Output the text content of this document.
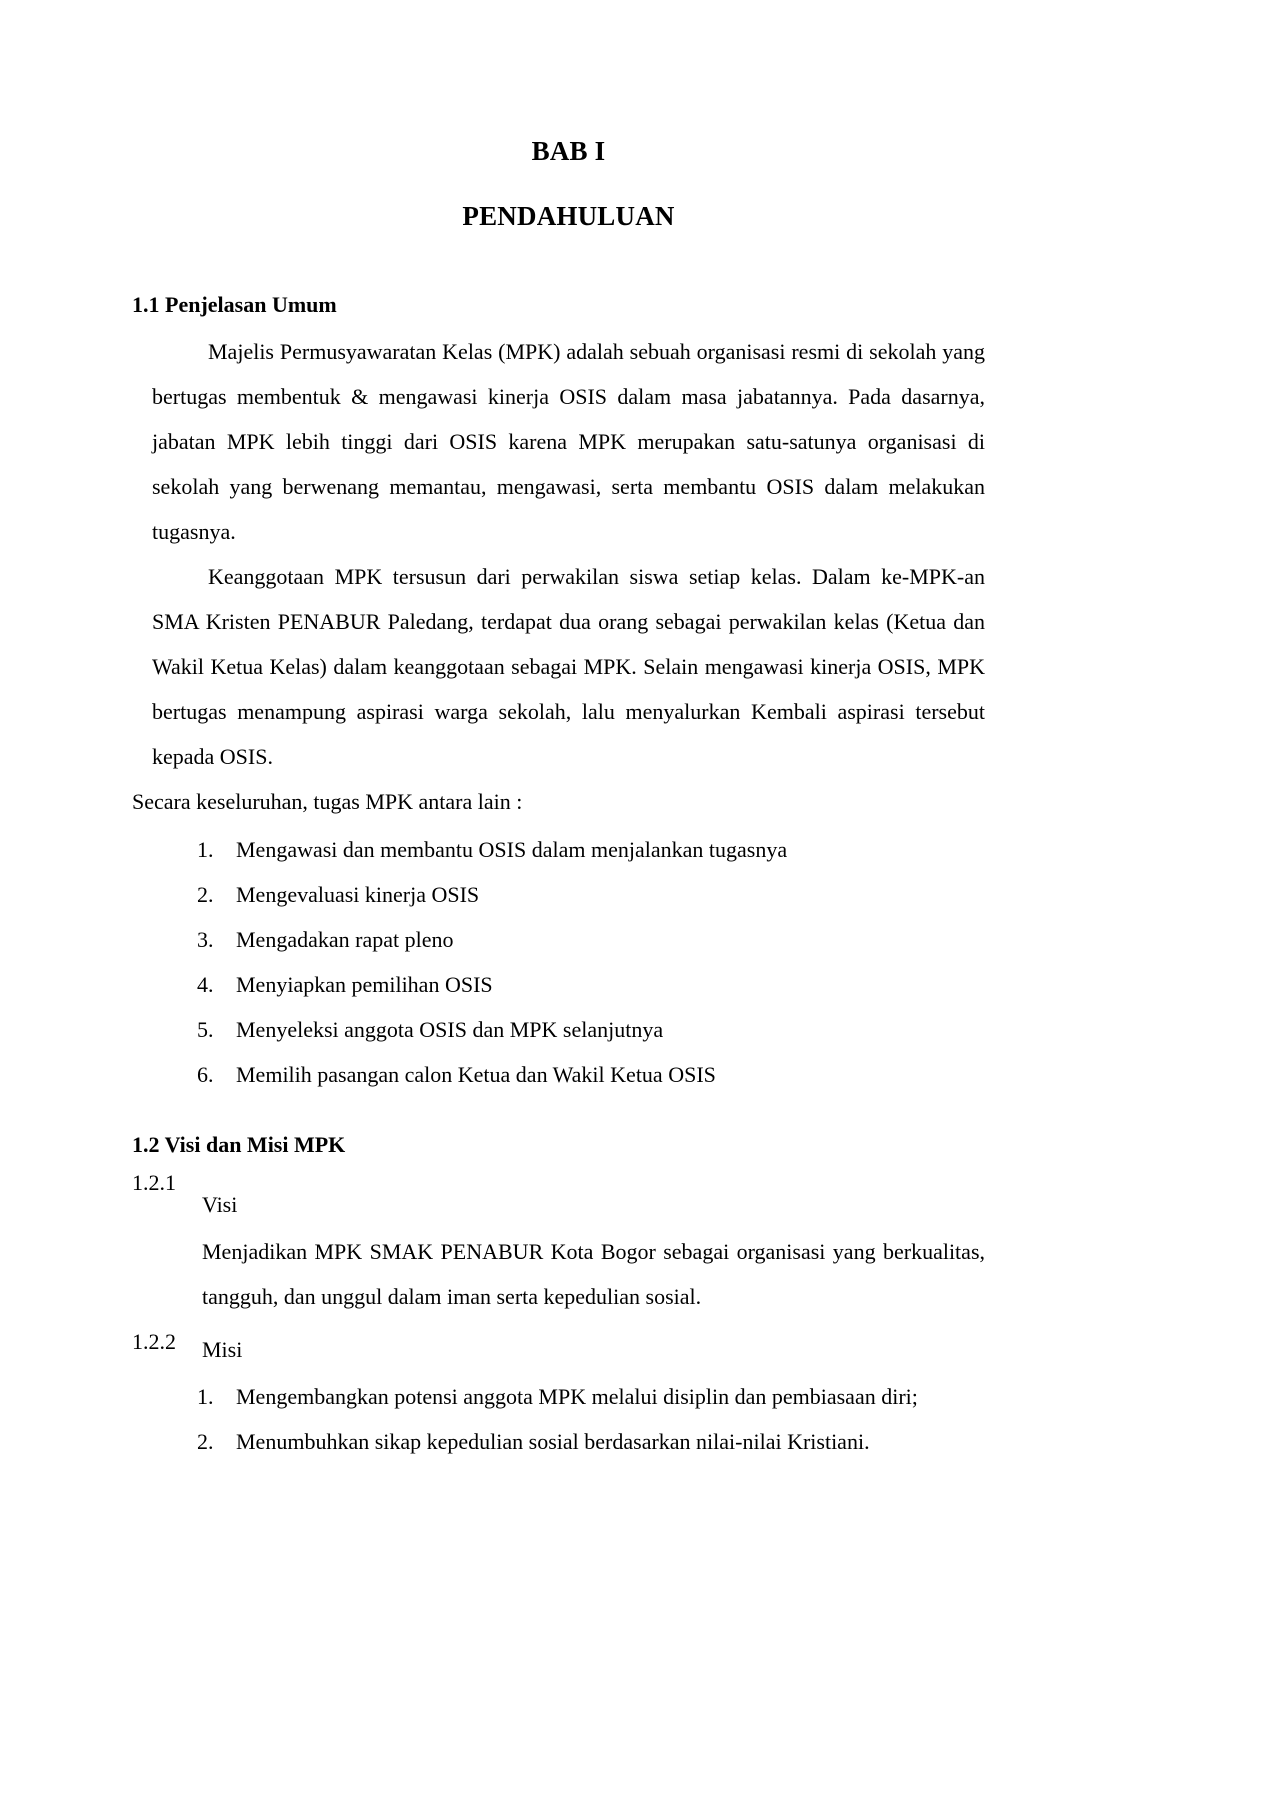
BAB I
PENDAHULUAN
1.1 Penjelasan Umum

Majelis Permusyawaratan Kelas (MPK) adalah sebuah organisasi resmi di sekolah yang bertugas membentuk & mengawasi kinerja OSIS dalam masa jabatannya. Pada dasarnya, jabatan MPK lebih tinggi dari OSIS karena MPK merupakan satu-satunya organisasi di sekolah yang berwenang memantau, mengawasi, serta membantu OSIS dalam melakukan tugasnya.

Keanggotaan MPK tersusun dari perwakilan siswa setiap kelas. Dalam ke-MPK-an SMA Kristen PENABUR Paledang, terdapat dua orang sebagai perwakilan kelas (Ketua dan Wakil Ketua Kelas) dalam keanggotaan sebagai MPK. Selain mengawasi kinerja OSIS, MPK bertugas menampung aspirasi warga sekolah, lalu menyalurkan Kembali aspirasi tersebut kepada OSIS.

Secara keseluruhan, tugas MPK antara lain :

1.	Mengawasi dan membantu OSIS dalam menjalankan tugasnya
2.	Mengevaluasi kinerja OSIS
3.	Mengadakan rapat pleno
4.	Menyiapkan pemilihan OSIS
5.	Menyeleksi anggota OSIS dan MPK selanjutnya
6.	Memilih pasangan calon Ketua dan Wakil Ketua OSIS
1.2 Visi dan Misi MPK
1.2.1
Visi

Menjadikan MPK SMAK PENABUR Kota Bogor sebagai organisasi yang berkualitas, tangguh, dan unggul dalam iman serta kepedulian sosial.

1.2.2 Misi
1.	Mengembangkan potensi anggota MPK melalui disiplin dan pembiasaan diri;
2.	Menumbuhkan sikap kepedulian sosial berdasarkan nilai-nilai Kristiani.
